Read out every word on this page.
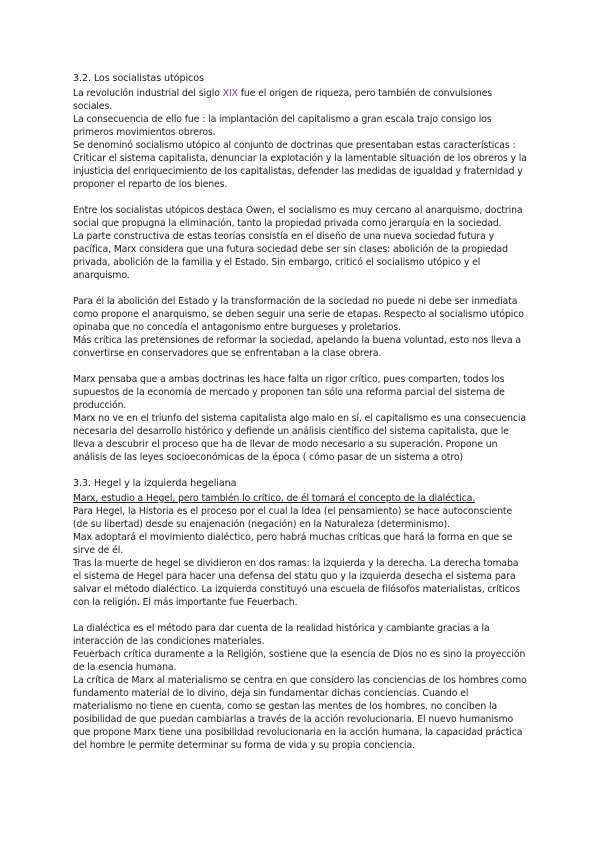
3.2. Los socialistas utópicos

La revolución industrial del siglo XIX fue el origen de riqueza, pero también de convulsiones sociales.

La consecuencia de ello fue : la implantación del capitalismo a gran escala trajo consigo los primeros movimientos obreros.

Se denominó socialismo utópico al conjunto de doctrinas que presentaban estas características : Criticar el sistema capitalista, denunciar la explotación y la lamentable situación de los obreros y la injusticia del enriquecimiento de los capitalistas, defender las medidas de igualdad y fraternidad y proponer el reparto de los bienes.

Entre los socialistas utópicos destaca Owen, el socialismo es muy cercano al anarquismo, doctrina social que propugna la eliminación, tanto la propiedad privada como jerarquía en la sociedad.

La parte constructiva de estas teorías consistía en el diseño de una nueva sociedad futura y pacífica, Marx considera que una futura sociedad debe ser sin clases: abolición de la propiedad privada, abolición de la familia y el Estado. Sin embargo, criticó el socialismo utópico y el anarquismo.

Para él la abolición del Estado y la transformación de la sociedad no puede ni debe ser inmediata como propone el anarquismo, se deben seguir una serie de etapas. Respecto al socialismo utópico opinaba que no concedía el antagonismo entre burgueses y proletarios.

Más crítica las pretensiones de reformar la sociedad, apelando la buena voluntad, esto nos lleva a convertirse en conservadores que se enfrentaban a la clase obrera.

Marx pensaba que a ambas doctrinas les hace falta un rigor crítico, pues comparten, todos los supuestos de la economía de mercado y proponen tan sólo una reforma parcial del sistema de producción.

Marx no ve en el triunfo del sistema capitalista algo malo en sí, el capitalismo es una consecuencia necesaria del desarrollo histórico y defiende un análisis científico del sistema capitalista, que le lleva a descubrir el proceso que ha de llevar de modo necesario a su superación. Propone un análisis de las leyes socioeconómicas de la época ( cómo pasar de un sistema a otro)

3.3. Hegel y la izquierda hegeliana

Marx, estudio a Hegel, pero también lo crítico, de él tomará el concepto de la dialéctica.

Para Hegel, la Historia es el proceso por el cual la Idea (el pensamiento) se hace autoconsciente (de su libertad) desde su enajenación (negación) en la Naturaleza (determinismo).

Max adoptará el movimiento dialéctico, pero habrá muchas críticas que hará la forma en que se sirve de él.

Tras la muerte de hegel se dividieron en dos ramas: la izquierda y la derecha. La derecha tomaba el sistema de Hegel para hacer una defensa del statu quo y la izquierda desecha el sistema para salvar el método dialéctico. La izquierda constituyó una escuela de filósofos materialistas, críticos con la religión. El más importante fue Feuerbach.

La dialéctica es el método para dar cuenta de la realidad histórica y cambiante gracias a la interacción de las condiciones materiales.

Feuerbach crítica duramente a la Religión, sostiene que la esencia de Dios no es sino la proyección de la esencia humana.

La crítica de Marx al materialismo se centra en que considero las conciencias de los hombres como fundamento material de lo divino, deja sin fundamentar dichas conciencias. Cuando el materialismo no tiene en cuenta, como se gestan las mentes de los hombres, no conciben la posibilidad de que puedan cambiarlas a través de la acción revolucionaria. El nuevo humanismo que propone Marx tiene una posibilidad revolucionaria en la acción humana, la capacidad práctica del hombre le permite determinar su forma de vida y su propia conciencia.
